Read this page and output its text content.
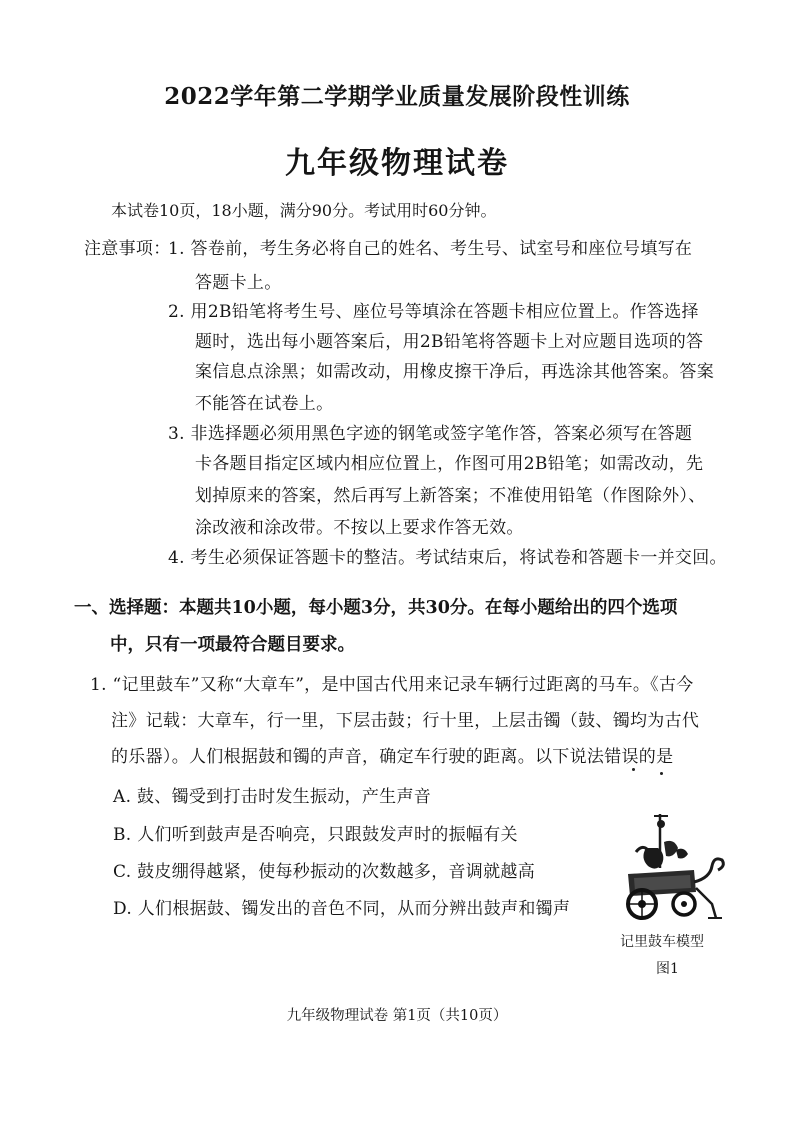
2022学年第二学期学业质量发展阶段性训练
九年级物理试卷
本试卷10页，18小题，满分90分。考试用时60分钟。
注意事项：
1. 答卷前，考生务必将自己的姓名、考生号、试室号和座位号填写在
答题卡上。
2. 用2B铅笔将考生号、座位号等填涂在答题卡相应位置上。作答选择
题时，选出每小题答案后，用2B铅笔将答题卡上对应题目选项的答
案信息点涂黑；如需改动，用橡皮擦干净后，再选涂其他答案。答案
不能答在试卷上。
3. 非选择题必须用黑色字迹的钢笔或签字笔作答，答案必须写在答题
卡各题目指定区域内相应位置上，作图可用2B铅笔；如需改动，先
划掉原来的答案，然后再写上新答案；不准使用铅笔（作图除外）、
涂改液和涂改带。不按以上要求作答无效。
4. 考生必须保证答题卡的整洁。考试结束后，将试卷和答题卡一并交回。
一、选择题：本题共10小题，每小题3分，共30分。在每小题给出的四个选项
中，只有一项最符合题目要求。
1. “记里鼓车”又称“大章车”，是中国古代用来记录车辆行过距离的马车。《古今
注》记载：大章车，行一里，下层击鼓；行十里，上层击镯（鼓、镯均为古代
的乐器）。人们根据鼓和镯的声音，确定车行驶的距离。以下说法错误的是
A. 鼓、镯受到打击时发生振动，产生声音
B. 人们听到鼓声是否响亮，只跟鼓发声时的振幅有关
C. 鼓皮绷得越紧，使每秒振动的次数越多，音调就越高
D. 人们根据鼓、镯发出的音色不同，从而分辨出鼓声和镯声
记里鼓车模型
图1
九年级物理试卷 第1页（共10页）
